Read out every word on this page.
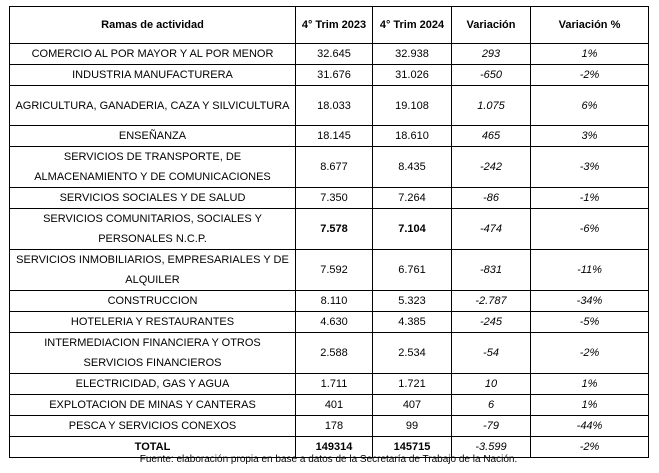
Ramas de actividad	4° Trim 2023	4° Trim 2024	Variación	Variación %
COMERCIO AL POR MAYOR Y AL POR MENOR	32.645	32.938	293	1%
INDUSTRIA MANUFACTURERA	31.676	31.026	-650	-2%
AGRICULTURA, GANADERIA, CAZA Y SILVICULTURA	18.033	19.108	1.075	6%
ENSEÑANZA	18.145	18.610	465	3%
SERVICIOS DE TRANSPORTE, DE ALMACENAMIENTO Y DE COMUNICACIONES	8.677	8.435	-242	-3%
SERVICIOS SOCIALES Y DE SALUD	7.350	7.264	-86	-1%
SERVICIOS COMUNITARIOS, SOCIALES Y PERSONALES N.C.P.	7.578	7.104	-474	-6%
SERVICIOS INMOBILIARIOS, EMPRESARIALES Y DE ALQUILER	7.592	6.761	-831	-11%
CONSTRUCCION	8.110	5.323	-2.787	-34%
HOTELERIA Y RESTAURANTES	4.630	4.385	-245	-5%
INTERMEDIACION FINANCIERA Y OTROS SERVICIOS FINANCIEROS	2.588	2.534	-54	-2%
ELECTRICIDAD, GAS Y AGUA	1.711	1.721	10	1%
EXPLOTACION DE MINAS Y CANTERAS	401	407	6	1%
PESCA Y SERVICIOS CONEXOS	178	99	-79	-44%
TOTAL	149314	145715	-3.599	-2%
Fuente: elaboración propia en base a datos de la Secretaría de Trabajo de la Nación.
